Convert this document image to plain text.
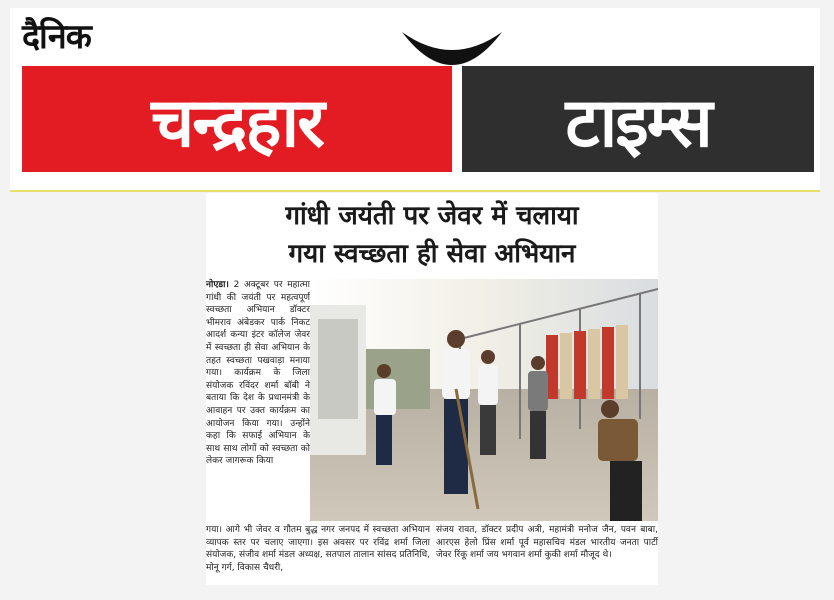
दैनिक
चन्द्रहार	टाइम्स
गांधी जयंती पर जेवर में चलाया
गया स्वच्छता ही सेवा अभियान
नोएडा। 2 अक्टूबर पर महात्मा गांधी की जयंती पर महत्वपूर्ण स्वच्छता अभियान डॉक्टर भीमराव अंबेडकर पार्क निकट आदर्श कन्या इंटर कॉलेज जेवर में स्वच्छता ही सेवा अभियान के तहत स्वच्छता पखवाड़ा मनाया गया। कार्यक्रम के जिला संयोजक रविंदर शर्मा बॉबी ने बताया कि देश के प्रधानमंत्री के आवाहन पर उक्त कार्यक्रम का आयोजन किया गया। उन्होंने कहा कि सफाई अभियान के साथ साथ लोगों को स्वच्छता को लेकर जागरूक किया
गया। आगे भी जेवर व गौतम बुद्ध नगर जनपद में स्वच्छता अभियान व्यापक स्तर पर चलाए जाएगा। इस अवसर पर रविंद्र शर्मा जिला संयोजक, संजीव शर्मा मंडल अध्यक्ष, सतपाल तालान सांसद प्रतिनिधि, मोनू गर्ग, विकास चैधरी,
संजय रावत, डॉक्टर प्रदीप अत्री, महामंत्री मनोज जैन, पवन बाबा, आरएस हेलो प्रिंस शर्मा पूर्व महासचिव मंडल भारतीय जनता पार्टी जेवर रिंकू शर्मा जय भगवान शर्मा कुकी शर्मा मौजूद थे।
